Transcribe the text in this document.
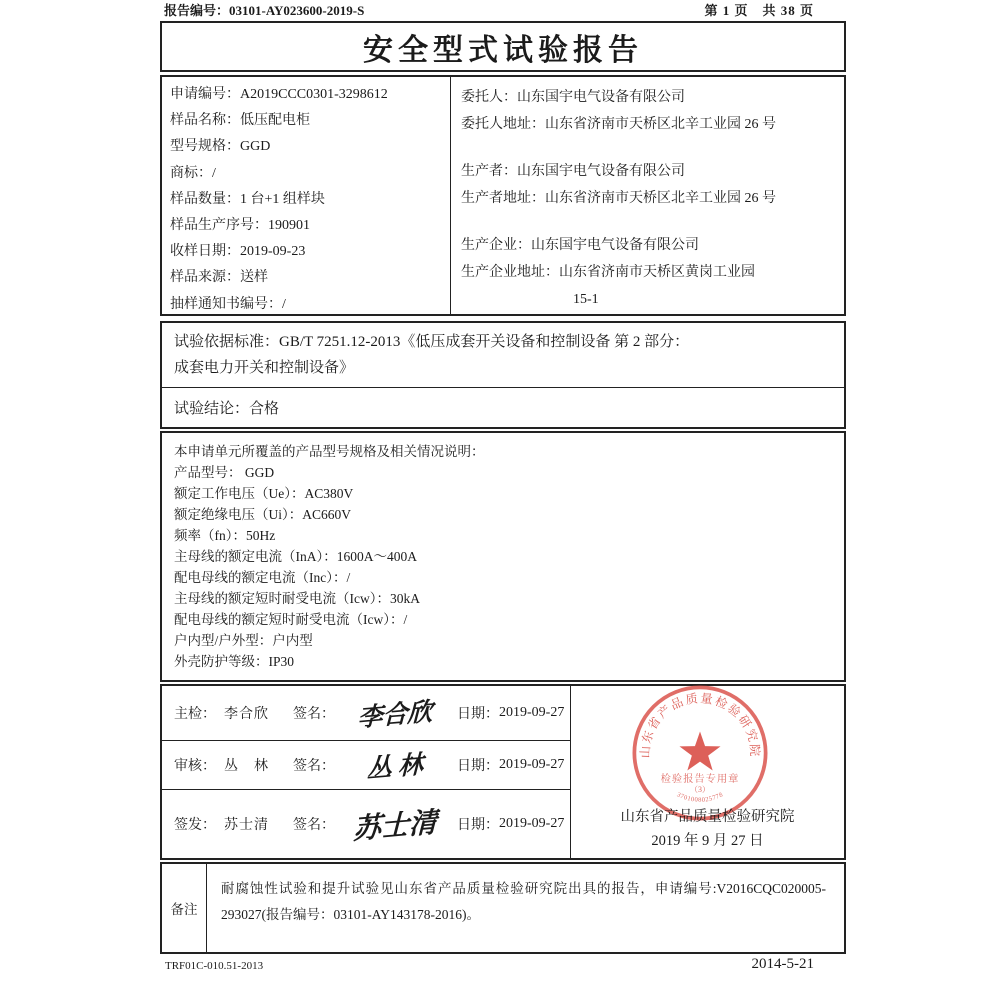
报告编号：03101-AY023600-2019-S	第 1 页　共 38 页
安全型式试验报告
申请编号：A2019CCC0301-3298612
样品名称：低压配电柜
型号规格：GGD
商标：/
样品数量：1 台+1 组样块
样品生产序号：190901
收样日期：2019-09-23
样品来源：送样
抽样通知书编号：/
委托人：山东国宇电气设备有限公司
委托人地址：山东省济南市天桥区北辛工业园 26 号
生产者：山东国宇电气设备有限公司
生产者地址：山东省济南市天桥区北辛工业园 26 号
生产企业：山东国宇电气设备有限公司
生产企业地址：山东省济南市天桥区黄岗工业园
15-1
试验依据标准：GB/T 7251.12-2013《低压成套开关设备和控制设备 第 2 部分：
成套电力开关和控制设备》
试验结论：合格
本申请单元所覆盖的产品型号规格及相关情况说明：
产品型号： GGD
额定工作电压（Ue）：AC380V
额定绝缘电压（Ui）：AC660V
频率（fn）：50Hz
主母线的额定电流（InA）：1600A～400A
配电母线的额定电流（Inc）：/
主母线的额定短时耐受电流（Icw）：30kA
配电母线的额定短时耐受电流（Icw）：/
户内型/户外型：户内型
外壳防护等级：IP30
主检： 李合欣 签名： 李合欣	日期： 2019-09-27
审核： 丛　林 签名：	丛 林	日期： 2019-09-27
签发： 苏士清 签名： 苏士清	日期： 2019-09-27
山东省产品质量检验研究院
检验报告专用章
（3）
3701008025778
山东省产品质量检验研究院
2019 年 9 月 27 日
备注
耐腐蚀性试验和提升试验见山东省产品质量检验研究院出具的报告，申请编号:V2016CQC020005-293027(报告编号：03101-AY143178-2016)。
TRF01C-010.51-2013	2014-5-21
